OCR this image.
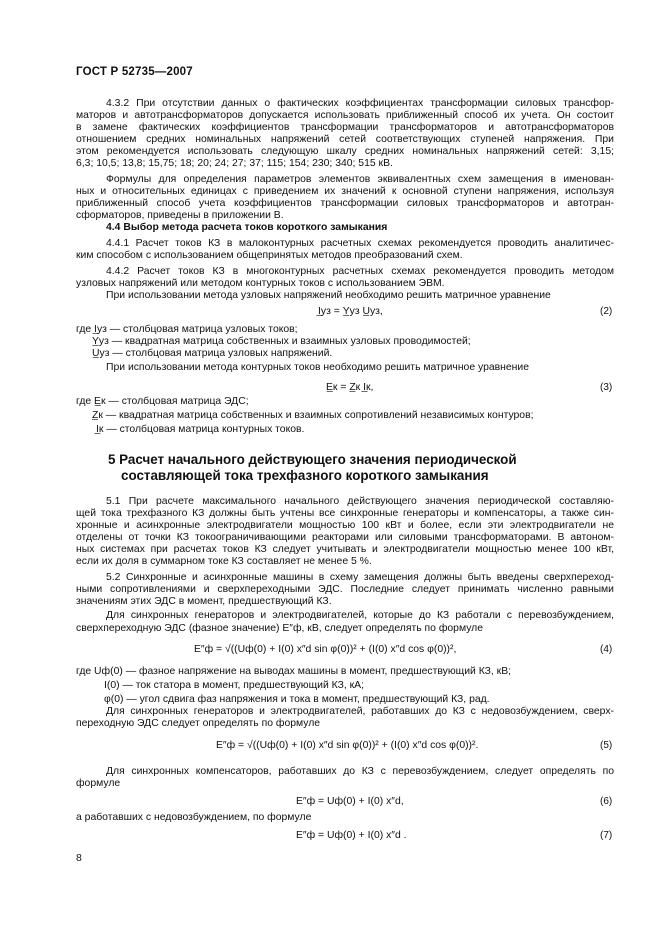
ГОСТ Р 52735—2007
4.3.2 При отсутствии данных о фактических коэффициентах трансформации силовых трансфор-
маторов и автотрансформаторов допускается использовать приближенный способ их учета. Он состоит
в замене фактических коэффициентов трансформации трансформаторов и автотрансформаторов
отношением средних номинальных напряжений сетей соответствующих ступеней напряжения. При
этом рекомендуется использовать следующую шкалу средних номинальных напряжений сетей: 3,15;
6,3; 10,5; 13,8; 15,75; 18; 20; 24; 27; 37; 115; 154; 230; 340; 515 кВ.
Формулы для определения параметров элементов эквивалентных схем замещения в именован-
ных и относительных единицах с приведением их значений к основной ступени напряжения, используя
приближенный способ учета коэффициентов трансформации силовых трансформаторов и автотран-
сформаторов, приведены в приложении В.
4.4 Выбор метода расчета токов короткого замыкания
4.4.1 Расчет токов КЗ в малоконтурных расчетных схемах рекомендуется проводить аналитичес-
ким способом с использованием общепринятых методов преобразований схем.
4.4.2 Расчет токов КЗ в многоконтурных расчетных схемах рекомендуется проводить методом
узловых напряжений или методом контурных токов с использованием ЭВМ.
При использовании метода узловых напряжений необходимо решить матричное уравнение
где I̲уз — столбцовая матрица узловых токов;
Y̲уз — квадратная матрица собственных и взаимных узловых проводимостей;
U̲уз — столбцовая матрица узловых напряжений.
При использовании метода контурных токов необходимо решить матричное уравнение
где E̲к — столбцовая матрица ЭДС;
Z̲к — квадратная матрица собственных и взаимных сопротивлений независимых контуров;
I̲к — столбцовая матрица контурных токов.
5.1 При расчете максимального начального действующего значения периодической составляю-
щей тока трехфазного КЗ должны быть учтены все синхронные генераторы и компенсаторы, а также син-
хронные и асинхронные электродвигатели мощностью 100 кВт и более, если эти электродвигатели не
отделены от точки КЗ токоограничивающими реакторами или силовыми трансформаторами. В автоном-
ных системах при расчетах токов КЗ следует учитывать и электродвигатели мощностью менее 100 кВт,
если их доля в суммарном токе КЗ составляет не менее 5 %.
5.2 Синхронные и асинхронные машины в схему замещения должны быть введены сверхпереход-
ными сопротивлениями и сверхпереходными ЭДС. Последние следует принимать численно равными
значениям этих ЭДС в момент, предшествующий КЗ.
Для синхронных генераторов и электродвигателей, которые до КЗ работали с перевозбуждением,
сверхпереходную ЭДС (фазное значение) E″ф, кВ, следует определять по формуле
где Uф(0) — фазное напряжение на выводах машины в момент, предшествующий КЗ, кВ;
I(0) — ток статора в момент, предшествующий КЗ, кА;
φ(0) — угол сдвига фаз напряжения и тока в момент, предшествующий КЗ, рад.
Для синхронных генераторов и электродвигателей, работавших до КЗ с недовозбуждением, сверх-
переходную ЭДС следует определять по формуле
Для синхронных компенсаторов, работавших до КЗ с перевозбуждением, следует определять по
формуле
а работавших с недовозбуждением, по формуле
5 Расчет начального действующего значения периодической
составляющей тока трехфазного короткого замыкания
I̲уз = Y̲уз U̲уз,	(2)
E̲к = Z̲к I̲к,	(3)
E″ф = √((Uф(0) + I(0) x″d sin φ(0))² + (I(0) x″d cos φ(0))²,	(4)
E″ф = √((Uф(0) + I(0) x″d sin φ(0))² + (I(0) x″d cos φ(0))².	(5)
E″ф = Uф(0) + I(0) x″d,	(6)
E″ф = Uф(0) + I(0) x″d .	(7)
8
